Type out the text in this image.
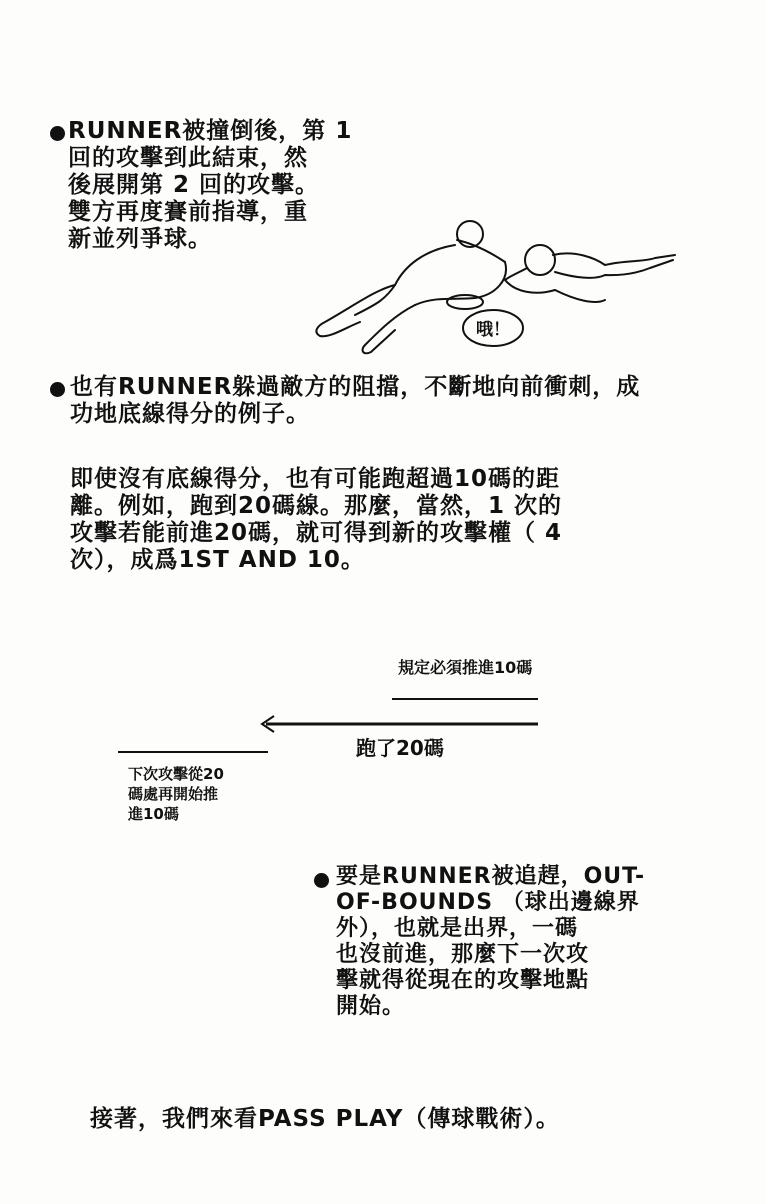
RUNNER被撞倒後，第 1
回的攻擊到此結束，然
後展開第 2 回的攻擊。
雙方再度賽前指導，重
新並列爭球。
哦！
也有RUNNER躲過敵方的阻擋，不斷地向前衝刺，成
功地底線得分的例子。
即使沒有底線得分，也有可能跑超過10碼的距
離。例如，跑到20碼線。那麼，當然，1 次的
攻擊若能前進20碼，就可得到新的攻擊權（ 4
次），成爲1ST AND 10。
規定必須推進10碼
跑了20碼
下次攻擊從20
碼處再開始推
進10碼
要是RUNNER被追趕，OUT-
OF-BOUNDS （球出邊線界
外），也就是出界，一碼
也沒前進，那麼下一次攻
擊就得從現在的攻擊地點
開始。
接著，我們來看PASS PLAY（傳球戰術）。
